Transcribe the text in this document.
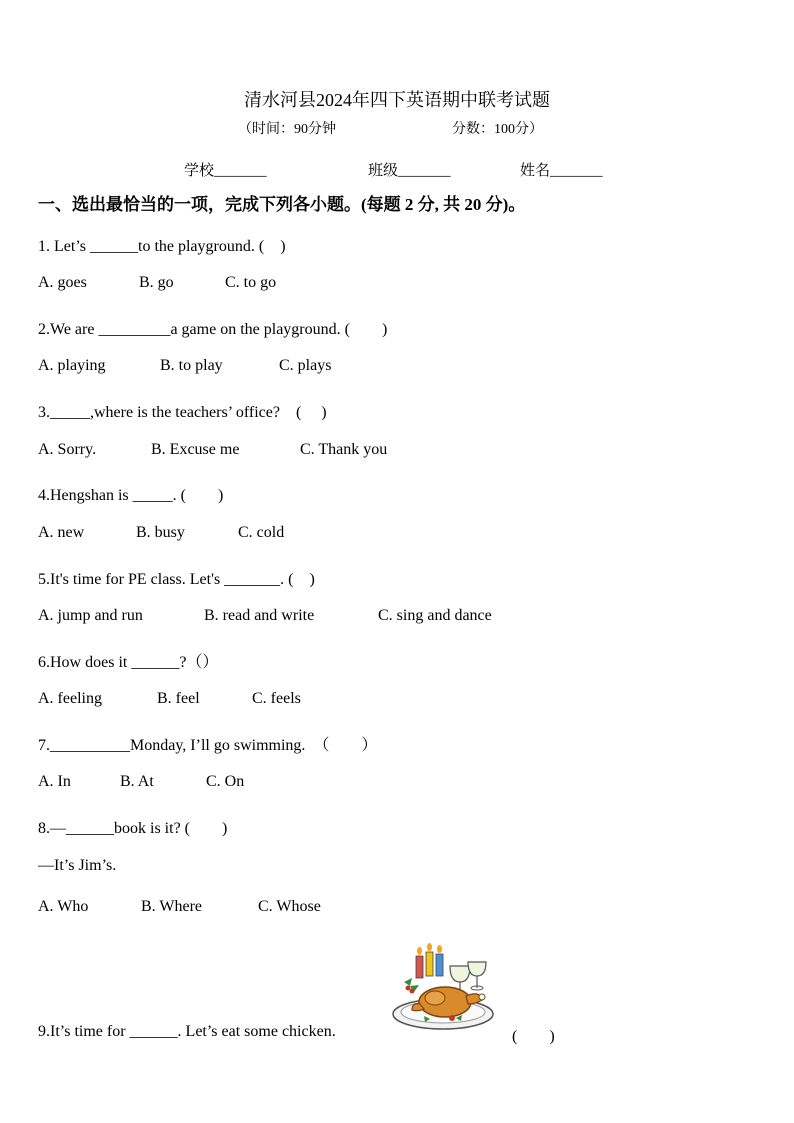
清水河县2024年四下英语期中联考试题
（时间：90分钟	分数：100分）
学校_______	班级_______	姓名_______
一、选出最恰当的一项，完成下列各小题。(每题 2 分, 共 20 分)。
1. Let’s ______to the playground. (　)
A. goes	B. go	C. to go
2.We are _________a game on the playground. (　　)
A. playing	B. to play	C. plays
3._____,where is the teachers’ office?　(　 )
A. Sorry.	B. Excuse me	C. Thank you
4.Hengshan is _____. (　　)
A. new	B. busy	C. cold
5.It's time for PE class. Let's _______. (　)
A. jump and run	B. read and write	C. sing and dance
6.How does it ______?（）
A. feeling	B. feel	C. feels
7.__________Monday, I’ll go swimming.　（　　）
A. In	B. At	C. On
8.—______book is it? (　　)
—It’s Jim’s.
A. Who	B. Where	C. Whose
9.It’s time for ______. Let’s eat some chicken.	(　　)
